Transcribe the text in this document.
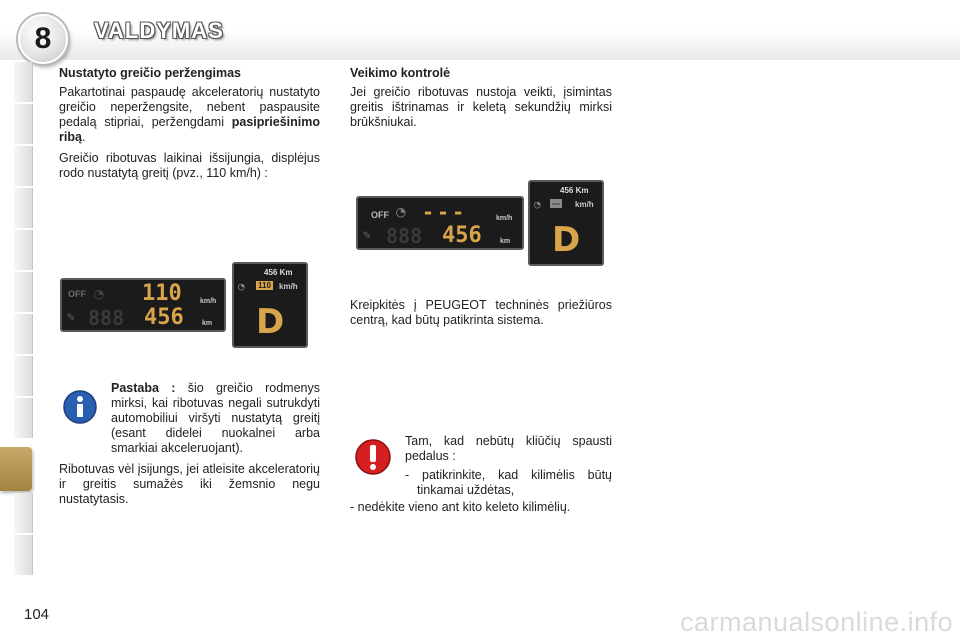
8 VALDYMAS
Nustatyto greičio peržengimas

Pakartotinai paspaudę akceleratorių nustatyto greičio neperžengsite, nebent paspausite pedalą stipriai, peržengdami pasipriešinimo ribą.

Greičio ribotuvas laikinai išsijungia, displėjus rodo nustatytą greitį (pvz., 110 km/h) :

OFF ◔ 110	km/h
888 456	km
✎
456 Km
◔ 110 km/h
D

Pastaba : šio greičio rodmenys mirksi, kai ribotuvas negali sutrukdyti automobiliui viršyti nustatytą greitį (esant didelei nuokalnei arba smarkiai akceleruojant).

Ribotuvas vėl įsijungs, jei atleisite akceleratorių ir greitis sumažės iki žemsnio negu nustatytasis.

Veikimo kontrolė

Jei greičio ribotuvas nustoja veikti, įsimintas greitis ištrinamas ir keletą sekundžių mirksi brūkšniukai.

OFF ◔ ---	km/h
888 456	km
✎
456 Km
◔ --- km/h
D

Kreipkitės į PEUGEOT techninės priežiūros centrą, kad būtų patikrinta sistema.

Tam, kad nebūtų kliūčių spausti pedalus :

- patikrinkite, kad kilimėlis būtų tinkamai uždėtas,

- nedėkite vieno ant kito keleto kilimėlių.

104	carmanualsonline.info
